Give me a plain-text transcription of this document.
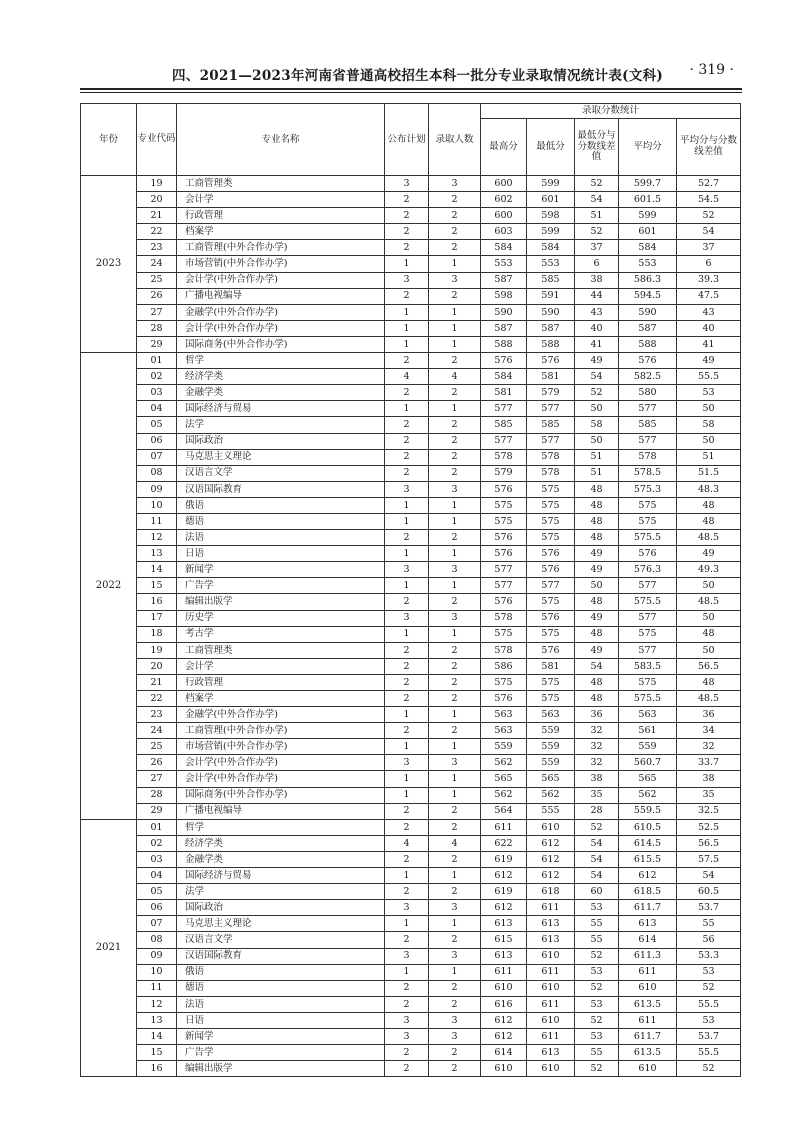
四、2021—2023年河南省普通高校招生本科一批分专业录取情况统计表(文科) · 319 ·
年份	专业代码	专业名称	公布计划	录取人数	录取分数统计				
					最高分	最低分	最低分与分数线差值	平均分	平均分与分数线差值

2023	19	工商管理类	3	3	600	599	52	599.7	52.7
	20	会计学	2	2	602	601	54	601.5	54.5
	21	行政管理	2	2	600	598	51	599	52
	22	档案学	2	2	603	599	52	601	54
	23	工商管理(中外合作办学)	2	2	584	584	37	584	37
	24	市场营销(中外合作办学)	1	1	553	553	6	553	6
	25	会计学(中外合作办学)	3	3	587	585	38	586.3	39.3
	26	广播电视编导	2	2	598	591	44	594.5	47.5
	27	金融学(中外合作办学)	1	1	590	590	43	590	43
	28	会计学(中外合作办学)	1	1	587	587	40	587	40
	29	国际商务(中外合作办学)	1	1	588	588	41	588	41
2022	01	哲学	2	2	576	576	49	576	49
	02	经济学类	4	4	584	581	54	582.5	55.5
	03	金融学类	2	2	581	579	52	580	53
	04	国际经济与贸易	1	1	577	577	50	577	50
	05	法学	2	2	585	585	58	585	58
	06	国际政治	2	2	577	577	50	577	50
	07	马克思主义理论	2	2	578	578	51	578	51
	08	汉语言文学	2	2	579	578	51	578.5	51.5
	09	汉语国际教育	3	3	576	575	48	575.3	48.3
	10	俄语	1	1	575	575	48	575	48
	11	德语	1	1	575	575	48	575	48
	12	法语	2	2	576	575	48	575.5	48.5
	13	日语	1	1	576	576	49	576	49
	14	新闻学	3	3	577	576	49	576.3	49.3
	15	广告学	1	1	577	577	50	577	50
	16	编辑出版学	2	2	576	575	48	575.5	48.5
	17	历史学	3	3	578	576	49	577	50
	18	考古学	1	1	575	575	48	575	48
	19	工商管理类	2	2	578	576	49	577	50
	20	会计学	2	2	586	581	54	583.5	56.5
	21	行政管理	2	2	575	575	48	575	48
	22	档案学	2	2	576	575	48	575.5	48.5
	23	金融学(中外合作办学)	1	1	563	563	36	563	36
	24	工商管理(中外合作办学)	2	2	563	559	32	561	34
	25	市场营销(中外合作办学)	1	1	559	559	32	559	32
	26	会计学(中外合作办学)	3	3	562	559	32	560.7	33.7
	27	会计学(中外合作办学)	1	1	565	565	38	565	38
	28	国际商务(中外合作办学)	1	1	562	562	35	562	35
	29	广播电视编导	2	2	564	555	28	559.5	32.5
2021	01	哲学	2	2	611	610	52	610.5	52.5
	02	经济学类	4	4	622	612	54	614.5	56.5
	03	金融学类	2	2	619	612	54	615.5	57.5
	04	国际经济与贸易	1	1	612	612	54	612	54
	05	法学	2	2	619	618	60	618.5	60.5
	06	国际政治	3	3	612	611	53	611.7	53.7
	07	马克思主义理论	1	1	613	613	55	613	55
	08	汉语言文学	2	2	615	613	55	614	56
	09	汉语国际教育	3	3	613	610	52	611.3	53.3
	10	俄语	1	1	611	611	53	611	53
	11	德语	2	2	610	610	52	610	52
	12	法语	2	2	616	611	53	613.5	55.5
	13	日语	3	3	612	610	52	611	53
	14	新闻学	3	3	612	611	53	611.7	53.7
	15	广告学	2	2	614	613	55	613.5	55.5
	16	编辑出版学	2	2	610	610	52	610	52
